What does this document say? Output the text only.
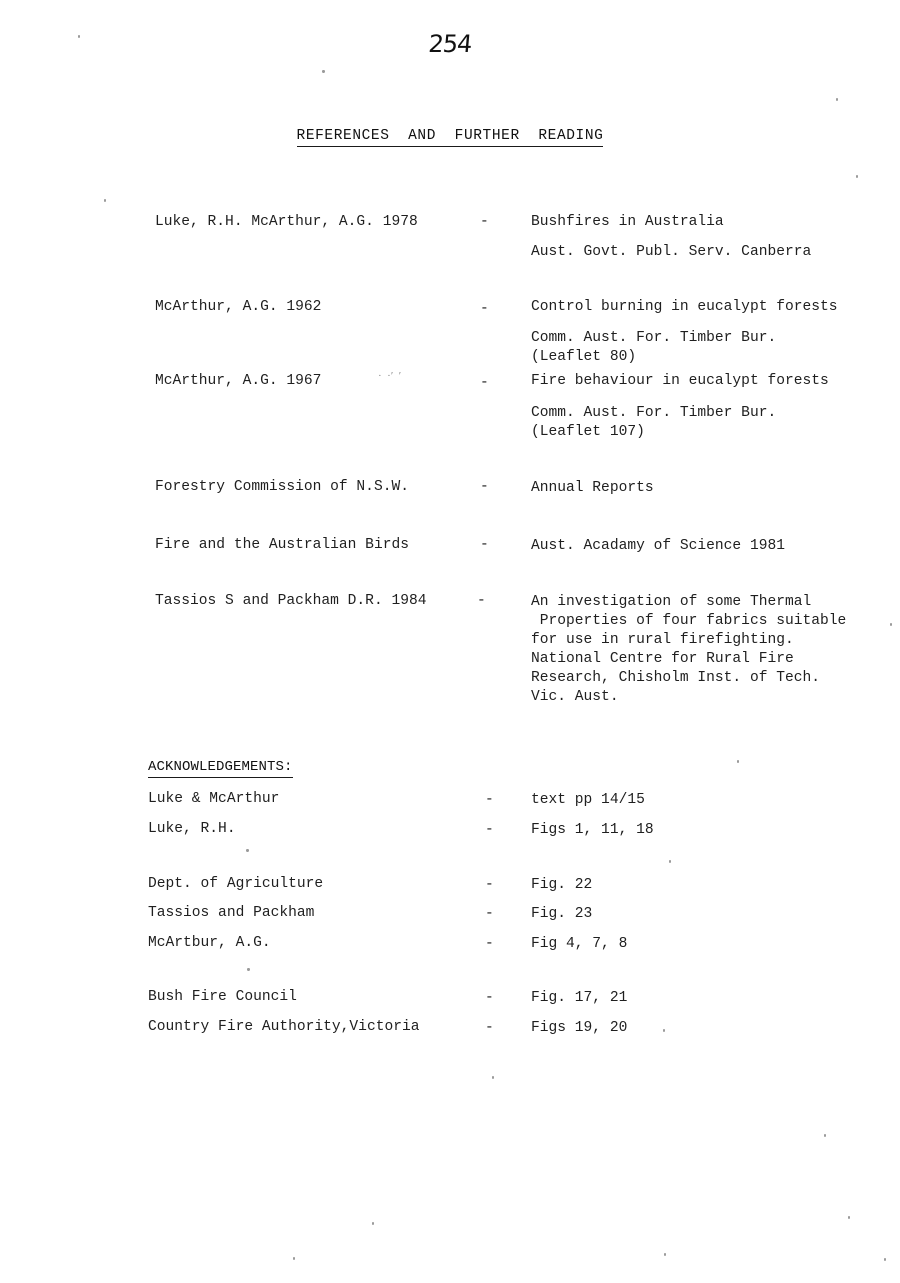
254
REFERENCES  AND  FURTHER  READING
Luke, R.H. McArthur, A.G. 1978	-	Bushfires in Australia
Aust. Govt. Publ. Serv. Canberra
McArthur, A.G. 1962	-	Control burning in eucalypt forests
Comm. Aust. For. Timber Bur.
(Leaflet 80)
McArthur, A.G. 1967	-	Fire behaviour in eucalypt forests
Comm. Aust. For. Timber Bur.
(Leaflet 107)
·  ·ʹ  ʹ
Forestry Commission of N.S.W.	-	Annual Reports
Fire and the Australian Birds	-	Aust. Acadamy of Science 1981
Tassios S and Packham D.R. 1984	-	An investigation of some Thermal
Properties of four fabrics suitable
for use in rural firefighting.
National Centre for Rural Fire
Research, Chisholm Inst. of Tech.
Vic. Aust.
ACKNOWLEDGEMENTS:
Luke & McArthur	-	text pp 14/15
Luke, R.H.	-	Figs 1, 11, 18
Dept. of Agriculture	-	Fig. 22
Tassios and Packham	-	Fig. 23
McArtbur, A.G.	-	Fig 4, 7, 8
Bush Fire Council	-	Fig. 17, 21
Country Fire Authority,Victoria	-	Figs 19, 20
